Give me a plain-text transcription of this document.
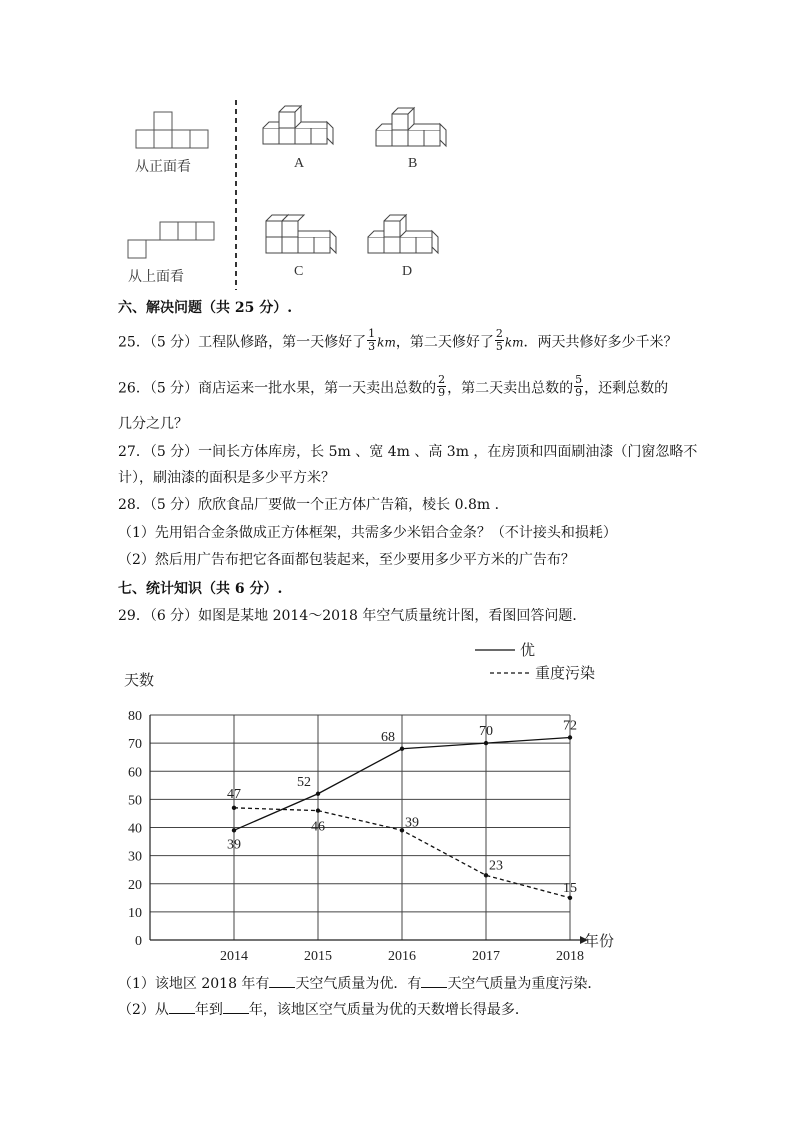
从正面看
从上面看
A	B
C	D
六、解决问题（共 25 分）.
25．（5 分）工程队修路，第一天修好了 $\frac{1}{3}$ km，第二天修好了 $\frac{2}{5}$ km．两天共修好多少千米？
26．（5 分）商店运来一批水果，第一天卖出总数的 $\frac{2}{9}$ ，第二天卖出总数的 $\frac{5}{9}$ ，还剩总数的
几分之几？
27．（5 分）一间长方体库房，长 5m 、宽 4m 、高 3m ，在房顶和四面刷油漆（门窗忽略不
计），刷油漆的面积是多少平方米？
28．（5 分）欣欣食品厂要做一个正方体广告箱，棱长 0.8m ．
（1）先用铝合金条做成正方体框架，共需多少米铝合金条？（不计接头和损耗）
（2）然后用广告布把它各面都包装起来，至少要用多少平方米的广告布？
七、统计知识（共 6 分）.
29．（6 分）如图是某地 2014～2018 年空气质量统计图，看图回答问题．
0
10
20
30
40
50
60
70
80
2014	2015	2016	2017	2018
39
52
68	70	72
47
46	39
23
15
优
重度污染
天数
年份
（1）该地区 2018 年有 天空气质量为优．有 天空气质量为重度污染．
（2）从 年到 年，该地区空气质量为优的天数增长得最多．
